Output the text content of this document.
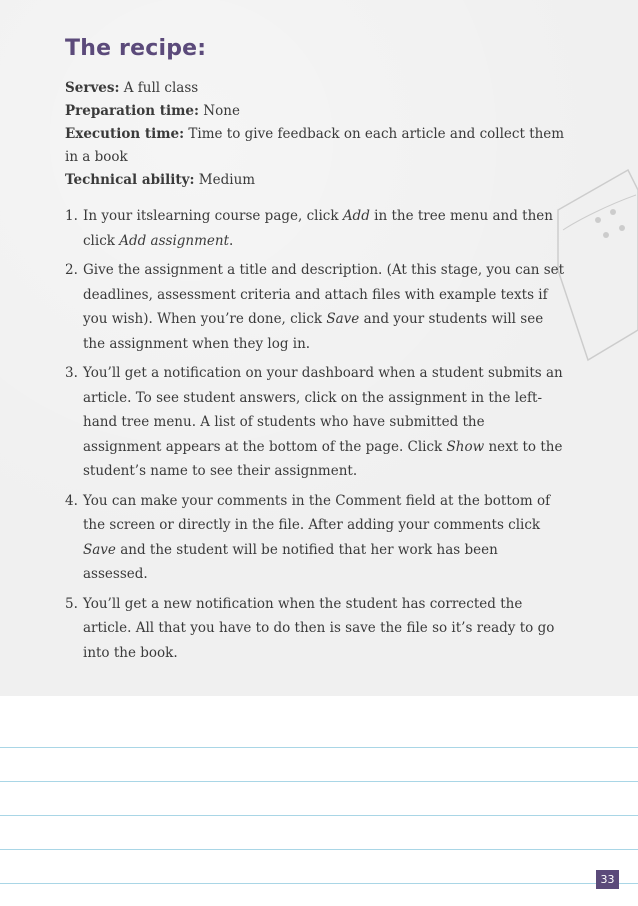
The recipe:
Serves: A full class
Preparation time: None
Execution time: Time to give feedback on each article and collect them in a book
Technical ability: Medium
1. In your itslearning course page, click Add in the tree menu and then click Add assignment.
2. Give the assignment a title and description. (At this stage, you can set deadlines, assessment criteria and attach files with example texts if you wish). When you’re done, click Save and your students will see the assignment when they log in.
3. You’ll get a notification on your dashboard when a student submits an article. To see student answers, click on the assignment in the left-hand tree menu. A list of students who have submitted the assignment appears at the bottom of the page. Click Show next to the student’s name to see their assignment.
4. You can make your comments in the Comment field at the bottom of the screen or directly in the file. After adding your comments click Save and the student will be notified that her work has been assessed.
5. You’ll get a new notification when the student has corrected the article. All that you have to do then is save the file so it’s ready to go into the book.
33
